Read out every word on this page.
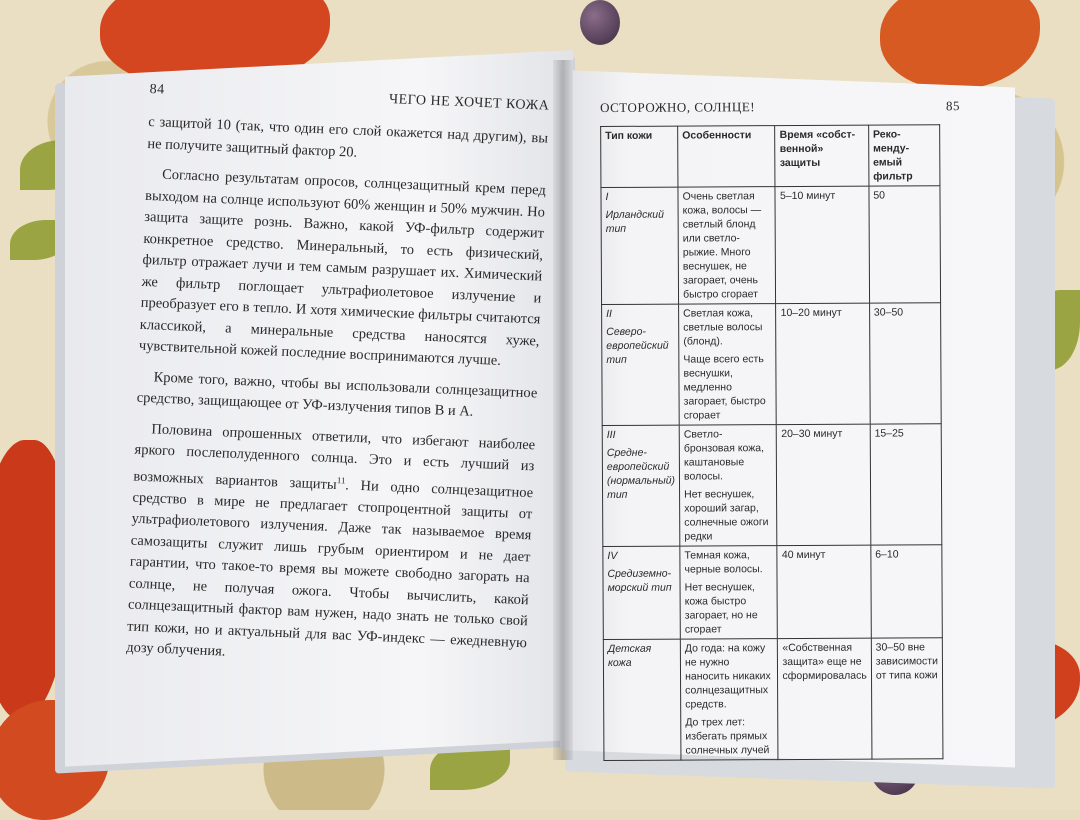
84
ЧЕГО НЕ ХОЧЕТ КОЖА

с защитой 10 (так, что один его слой окажется над другим), вы не получите защитный фактор 20.

Согласно результатам опросов, солнцезащитный крем перед выходом на солнце используют 60% женщин и 50% мужчин. Но защита защите рознь. Важно, какой УФ-фильтр содержит конкретное средство. Минеральный, то есть физический, фильтр отражает лучи и тем самым разрушает их. Химический же фильтр поглощает ультрафиолетовое излучение и преобразует его в тепло. И хотя химические фильтры считаются классикой, а минеральные средства наносятся хуже, чувствительной кожей последние воспринимаются лучше.

Кроме того, важно, чтобы вы использовали солнцезащитное средство, защищающее от УФ-излучения типов В и А.

Половина опрошенных ответили, что избегают наиболее яркого послеполуденного солнца. Это и есть лучший из возможных вариантов защиты$^{11}$. Ни одно солнцезащитное средство в мире не предлагает стопроцентной защиты от ультрафиолетового излучения. Даже так называемое время самозащиты служит лишь грубым ориентиром и не дает гарантии, что такое-то время вы можете свободно загорать на солнце, не получая ожога. Чтобы вычислить, какой солнцезащитный фактор вам нужен, надо знать не только свой тип кожи, но и актуальный для вас УФ-индекс — ежедневную дозу облучения.

ОСТОРОЖНО, СОЛНЦЕ!	85
Тип кожи	Особенности	Время «собст-венной» защиты	Реко-менду-емый фильтр

I
Ирландский тип	Очень светлая кожа, волосы — светлый блонд или светло-рыжие. Много веснушек, не загорает, очень быстро сгорает	5–10 минут	50

II
Северо-европейский тип	Светлая кожа, светлые волосы (блонд).
Чаще всего есть веснушки, медленно загорает, быстро сгорает	10–20 минут	30–50

III
Средне-европейский (нормальный) тип	Светло-бронзовая кожа, каштановые волосы.
Нет веснушек, хороший загар, солнечные ожоги редки	20–30 минут	15–25

IV
Средиземно-морский тип	Темная кожа, черные волосы.
Нет веснушек, кожа быстро загорает, но не сгорает	40 минут	6–10

Детская кожа	До года: на кожу не нужно наносить никаких солнцезащитных средств.
До трех лет: избегать прямых солнечных лучей	«Собственная защита» еще не сформировалась	30–50 вне зависимости от типа кожи
